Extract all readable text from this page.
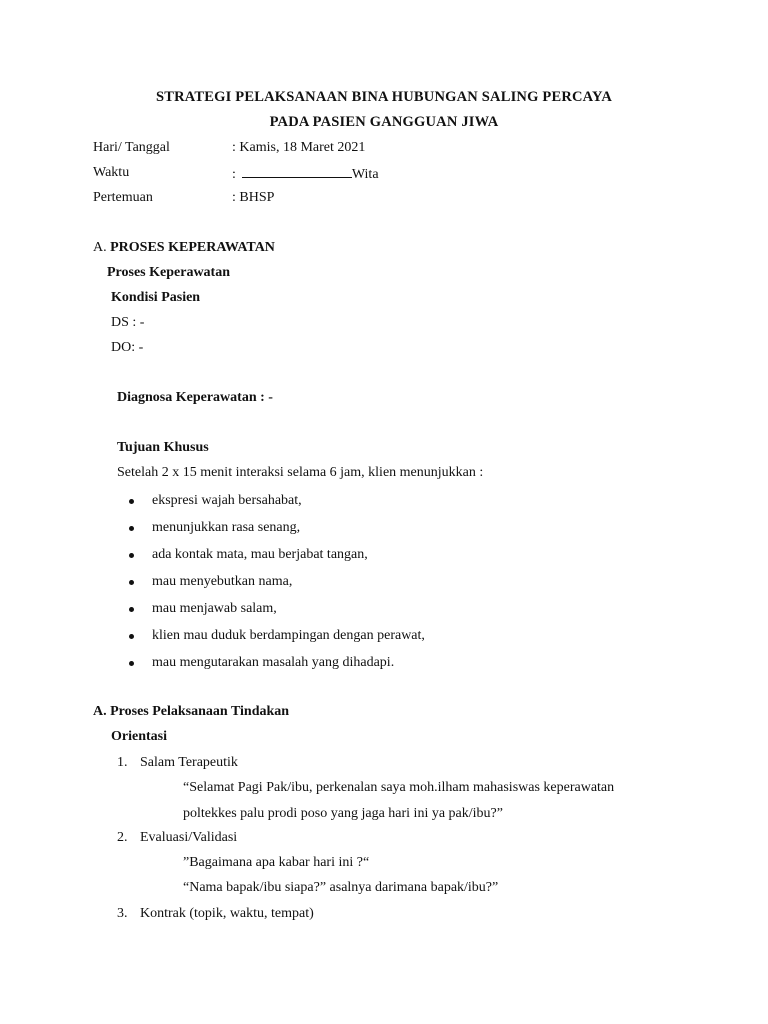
STRATEGI PELAKSANAAN BINA HUBUNGAN SALING PERCAYA
PADA PASIEN GANGGUAN JIWA
Hari/ Tanggal	: Kamis, 18 Maret 2021
Waktu	:	Wita
Pertemuan	: BHSP
A. PROSES KEPERAWATAN
Proses Keperawatan
Kondisi Pasien
DS : -
DO: -
Diagnosa Keperawatan : -
Tujuan Khusus
Setelah 2 x 15 menit interaksi selama 6 jam, klien menunjukkan :
ekspresi wajah bersahabat,
menunjukkan rasa senang,
ada kontak mata, mau berjabat tangan,
mau menyebutkan nama,
mau menjawab salam,
klien mau duduk berdampingan dengan perawat,
mau mengutarakan masalah yang dihadapi.
A. Proses Pelaksanaan Tindakan
Orientasi
1. Salam Terapeutik
“Selamat Pagi Pak/ibu, perkenalan saya moh.ilham mahasiswas keperawatan
poltekkes palu prodi poso yang jaga hari ini ya pak/ibu?”
2. Evaluasi/Validasi
”Bagaimana apa kabar hari ini ?“
“Nama bapak/ibu siapa?” asalnya darimana bapak/ibu?”
3. Kontrak (topik, waktu, tempat)
